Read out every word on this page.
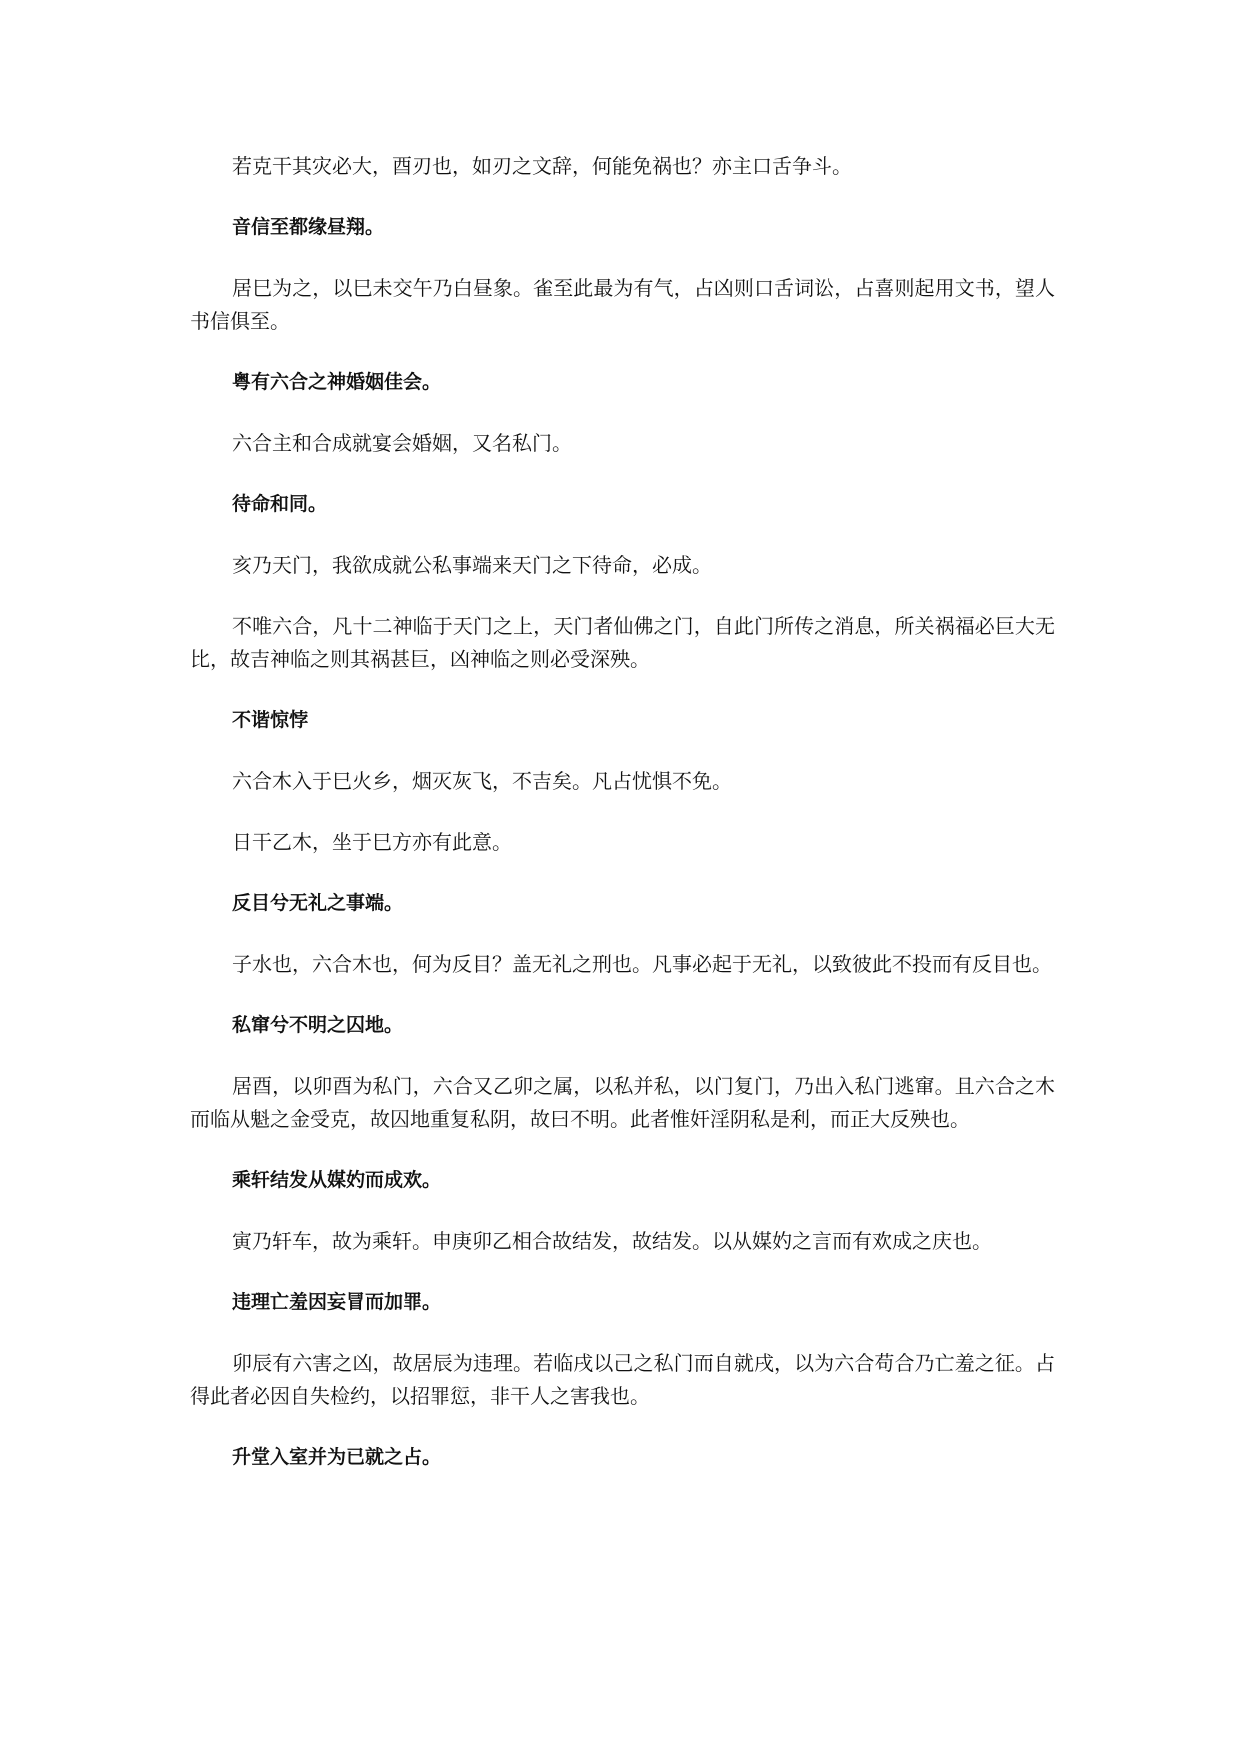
若克干其灾必大，酉刃也，如刃之文辞，何能免祸也？亦主口舌争斗。

音信至都缘昼翔。

居巳为之，以巳未交午乃白昼象。雀至此最为有气，占凶则口舌词讼，占喜则起用文书，望人书信俱至。

粤有六合之神婚姻佳会。

六合主和合成就宴会婚姻，又名私门。

待命和同。

亥乃天门，我欲成就公私事端来天门之下待命，必成。

不唯六合，凡十二神临于天门之上，天门者仙佛之门，自此门所传之消息，所关祸福必巨大无比，故吉神临之则其祸甚巨，凶神临之则必受深殃。

不谐惊悖

六合木入于巳火乡，烟灭灰飞，不吉矣。凡占忧惧不免。

日干乙木，坐于巳方亦有此意。

反目兮无礼之事端。

子水也，六合木也，何为反目？盖无礼之刑也。凡事必起于无礼，以致彼此不投而有反目也。

私窜兮不明之囚地。

居酉，以卯酉为私门，六合又乙卯之属，以私并私，以门复门，乃出入私门逃窜。且六合之木而临从魁之金受克，故囚地重复私阴，故曰不明。此者惟奸淫阴私是利，而正大反殃也。

乘轩结发从媒妁而成欢。

寅乃轩车，故为乘轩。申庚卯乙相合故结发，故结发。以从媒妁之言而有欢成之庆也。

违理亡羞因妄冒而加罪。

卯辰有六害之凶，故居辰为违理。若临戌以己之私门而自就戌，以为六合苟合乃亡羞之征。占得此者必因自失检约，以招罪愆，非干人之害我也。

升堂入室并为已就之占。
